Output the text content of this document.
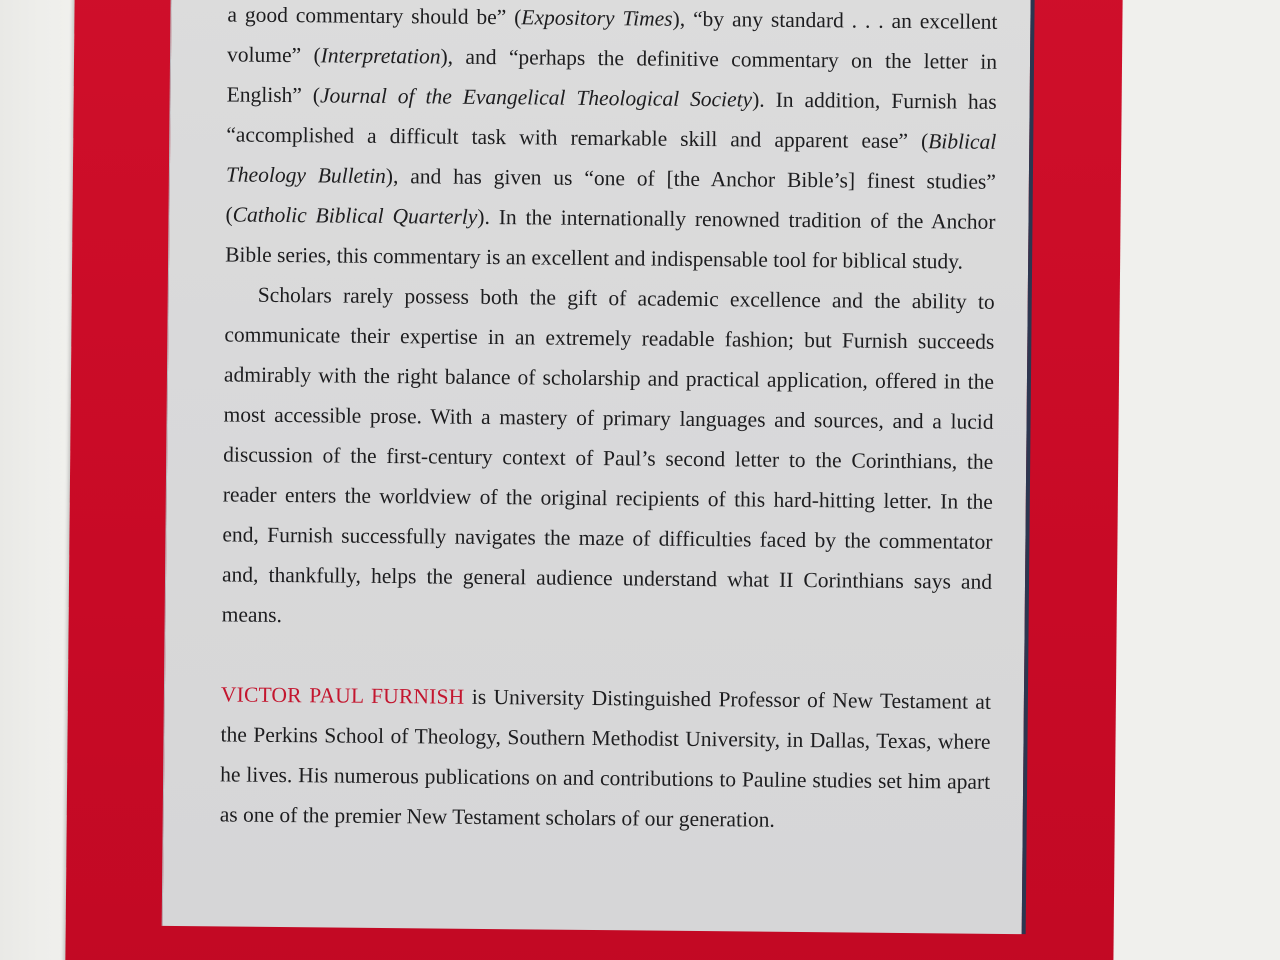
a good commentary should be” (Expository Times), “by any standard . . . an excellent volume” (Interpretation), and “perhaps the definitive commentary on the letter in English” (Journal of the Evangelical Theological Society). In addition, Furnish has “accomplished a difficult task with remarkable skill and apparent ease” (Biblical Theology Bulletin), and has given us “one of [the Anchor Bible’s] finest studies” (Catholic Biblical Quarterly). In the internationally renowned tradition of the Anchor Bible series, this commentary is an excellent and indispensable tool for biblical study.

Scholars rarely possess both the gift of academic excellence and the ability to communicate their expertise in an extremely readable fashion; but Furnish succeeds admirably with the right balance of scholarship and practical application, offered in the most accessible prose. With a mastery of primary languages and sources, and a lucid discussion of the first-century context of Paul’s second letter to the Corinthians, the reader enters the worldview of the original recipients of this hard-hitting letter. In the end, Furnish successfully navigates the maze of difficulties faced by the commentator and, thankfully, helps the general audience understand what II Corinthians says and means.

VICTOR PAUL FURNISH is University Distinguished Professor of New Testament at the Perkins School of Theology, Southern Methodist University, in Dallas, Texas, where he lives. His numerous publications on and contributions to Pauline studies set him apart as one of the premier New Testament scholars of our generation.
